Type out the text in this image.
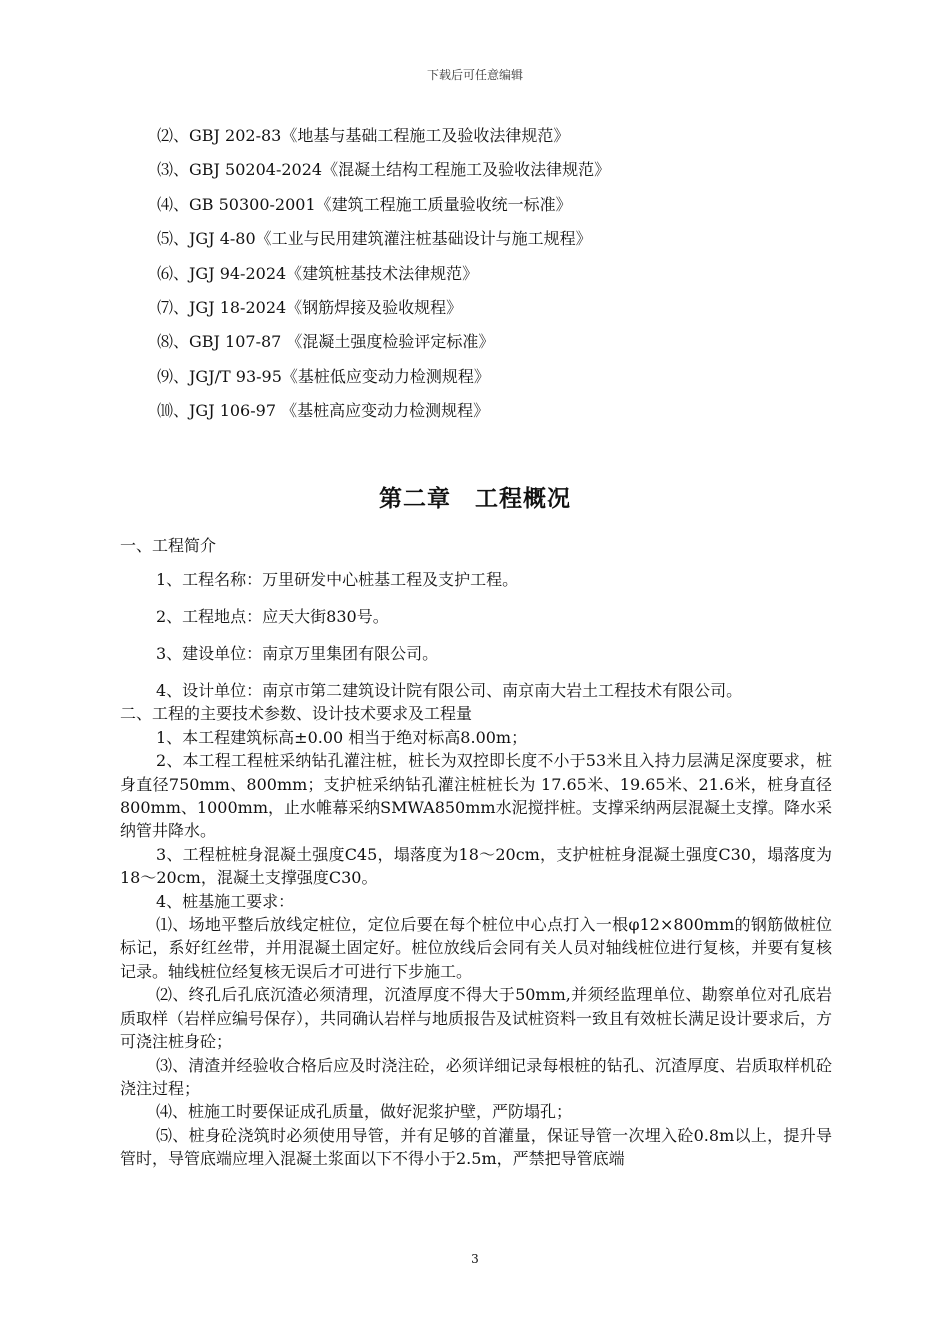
下载后可任意编辑
⑵、GBJ 202-83《地基与基础工程施工及验收法律规范》
⑶、GBJ 50204-2024《混凝土结构工程施工及验收法律规范》
⑷、GB 50300-2001《建筑工程施工质量验收统一标准》
⑸、JGJ 4-80《工业与民用建筑灌注桩基础设计与施工规程》
⑹、JGJ 94-2024《建筑桩基技术法律规范》
⑺、JGJ 18-2024《钢筋焊接及验收规程》
⑻、GBJ 107-87 《混凝土强度检验评定标准》
⑼、JGJ/T 93-95《基桩低应变动力检测规程》
⑽、JGJ 106-97 《基桩高应变动力检测规程》
第二章　工程概况
一、工程简介
1、工程名称：万里研发中心桩基工程及支护工程。
2、工程地点：应天大街830号。
3、建设单位：南京万里集团有限公司。
4、设计单位：南京市第二建筑设计院有限公司、南京南大岩土工程技术有限公司。
二、工程的主要技术参数、设计技术要求及工程量
1、本工程建筑标高±0.00 相当于绝对标高8.00m；
2、本工程工程桩采纳钻孔灌注桩，桩长为双控即长度不小于53米且入持力层满足深度要求，桩身直径750mm、800mm；支护桩采纳钻孔灌注桩桩长为 17.65米、19.65米、21.6米，桩身直径800mm、1000mm，止水帷幕采纳SMWA850mm水泥搅拌桩。支撑采纳两层混凝土支撑。降水采纳管井降水。
3、工程桩桩身混凝土强度C45，塌落度为18～20cm，支护桩桩身混凝土强度C30，塌落度为18～20cm，混凝土支撑强度C30。
4、桩基施工要求：
⑴、场地平整后放线定桩位，定位后要在每个桩位中心点打入一根φ12×800mm的钢筋做桩位标记，系好红丝带，并用混凝土固定好。桩位放线后会同有关人员对轴线桩位进行复核，并要有复核记录。轴线桩位经复核无误后才可进行下步施工。
⑵、终孔后孔底沉渣必须清理，沉渣厚度不得大于50mm,并须经监理单位、勘察单位对孔底岩质取样（岩样应编号保存），共同确认岩样与地质报告及试桩资料一致且有效桩长满足设计要求后，方可浇注桩身砼；
⑶、清渣并经验收合格后应及时浇注砼，必须详细记录每根桩的钻孔、沉渣厚度、岩质取样机砼浇注过程；
⑷、桩施工时要保证成孔质量，做好泥浆护壁，严防塌孔；
⑸、桩身砼浇筑时必须使用导管，并有足够的首灌量，保证导管一次埋入砼0.8m以上，提升导管时，导管底端应埋入混凝土浆面以下不得小于2.5m，严禁把导管底端
3
